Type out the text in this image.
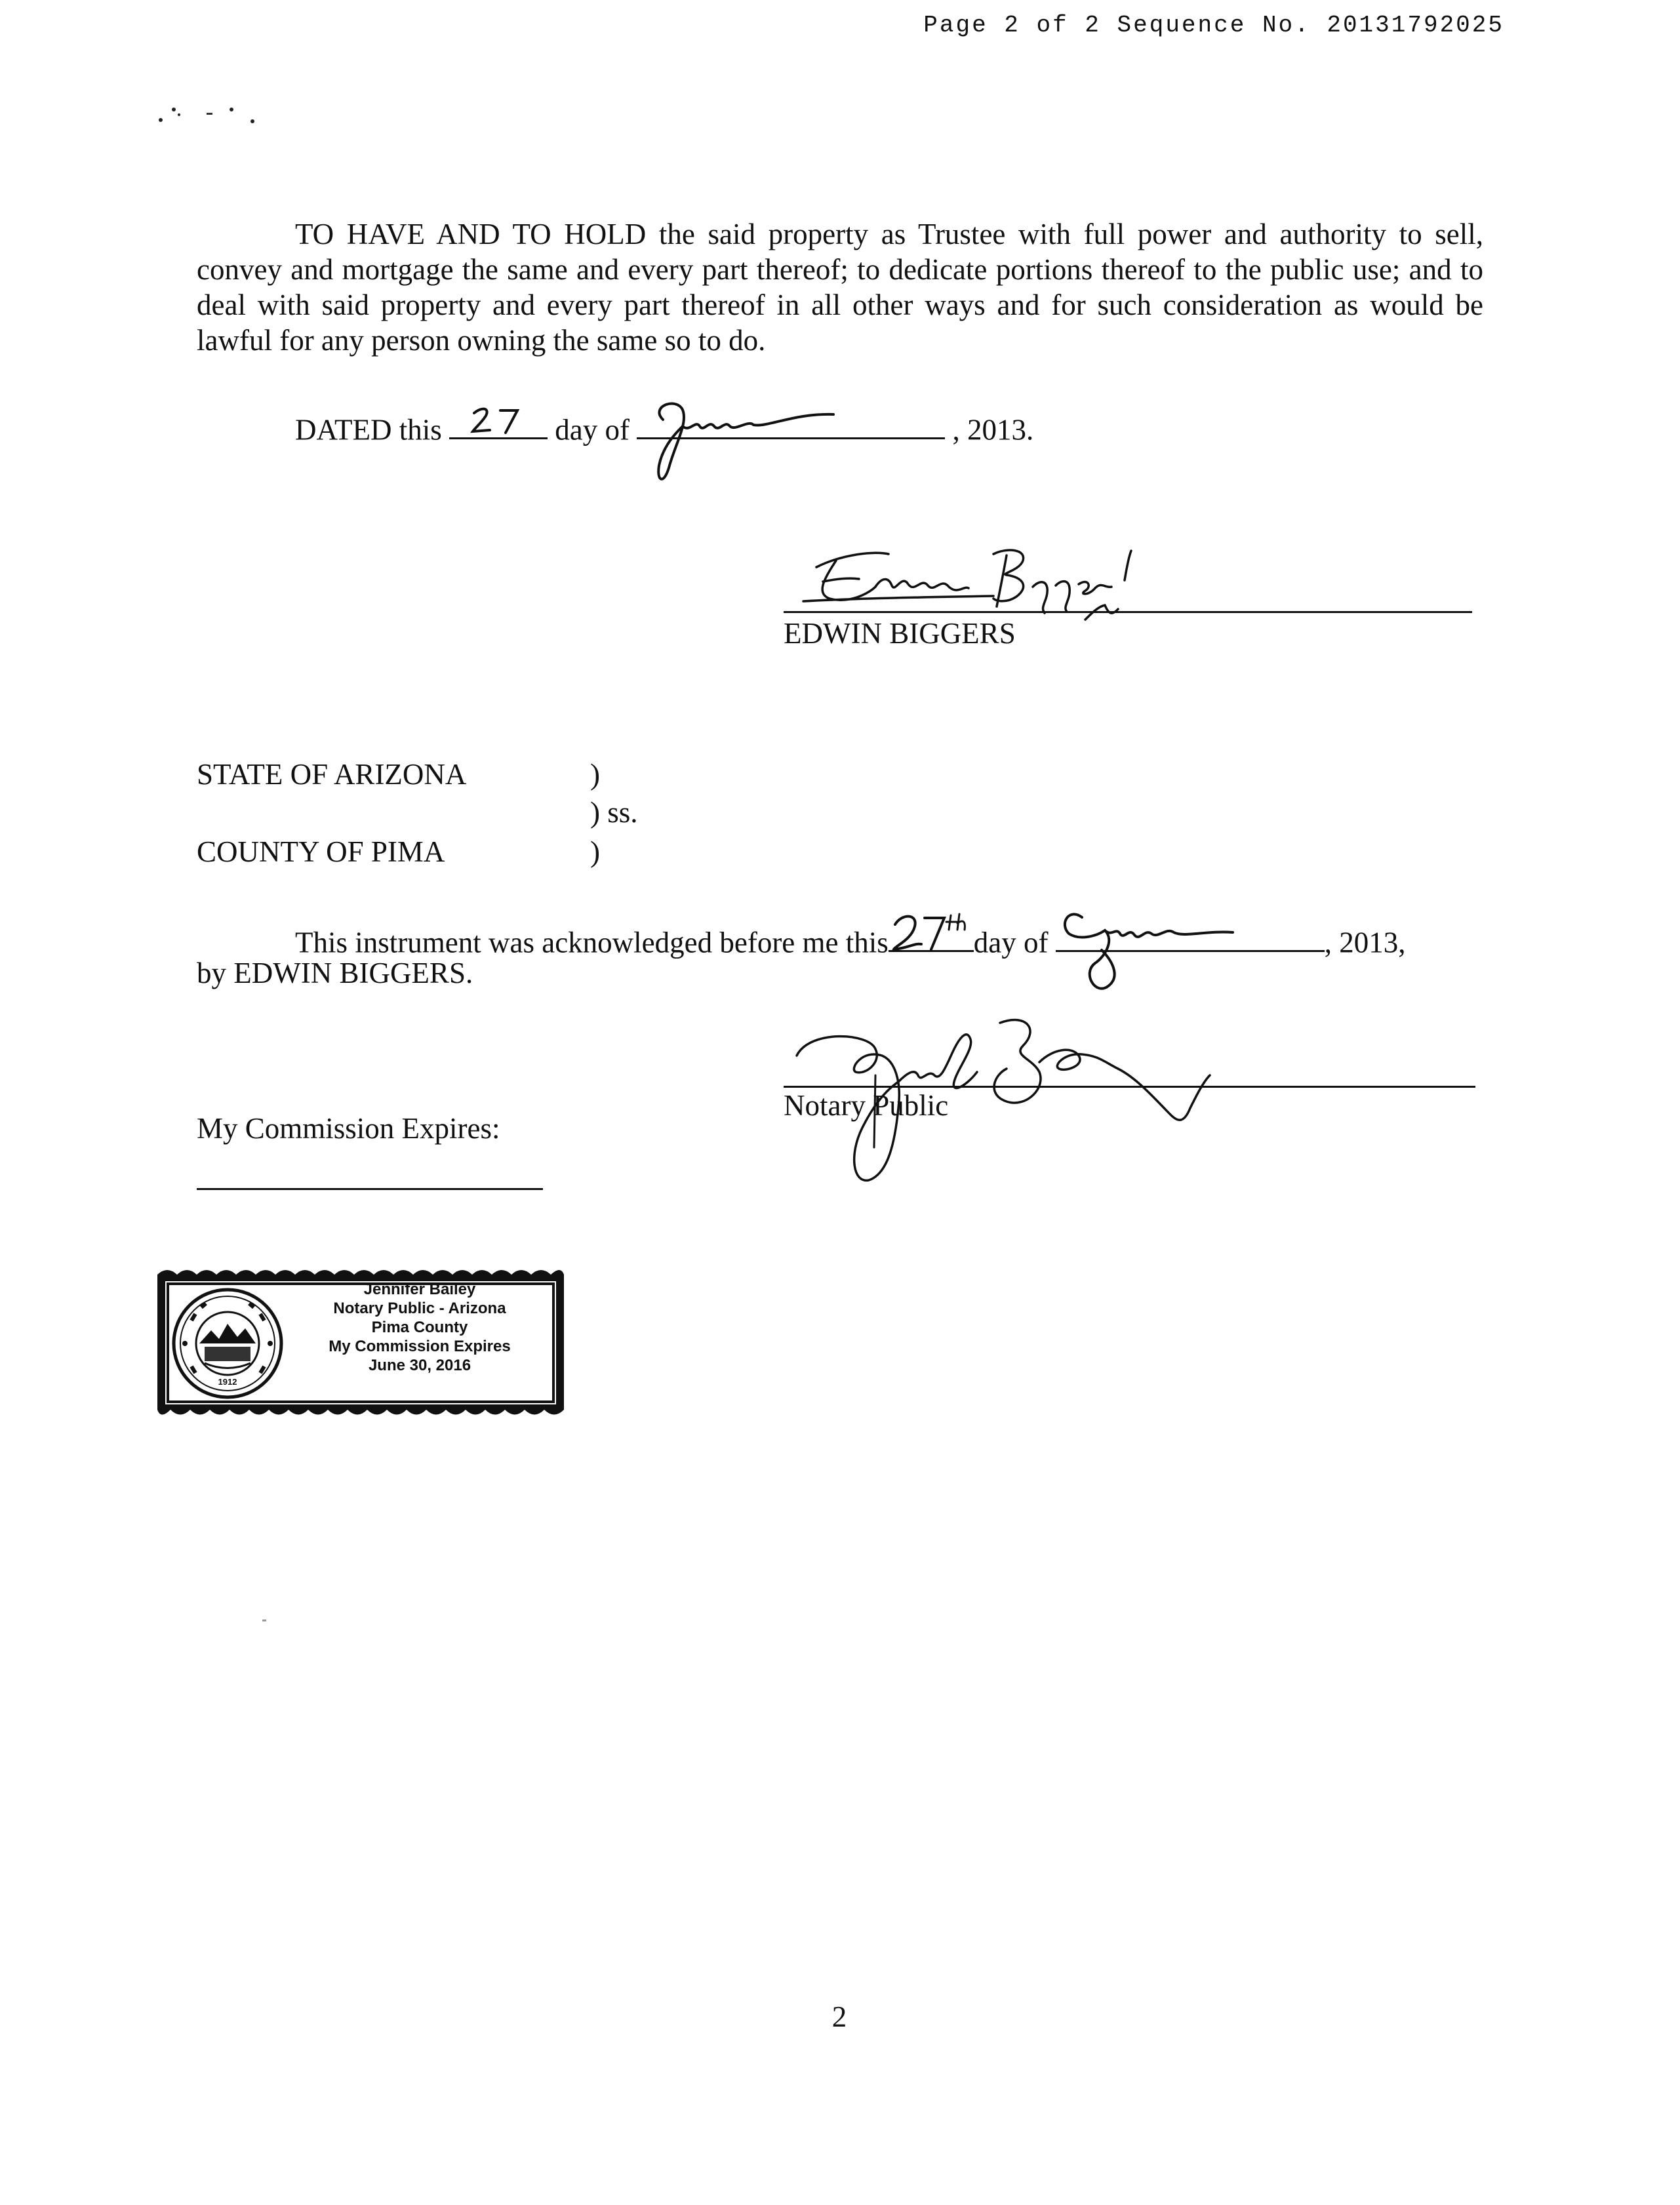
Page 2 of 2 Sequence No. 20131792025
TO HAVE AND TO HOLD the said property as Trustee with full power and authority to sell, convey and mortgage the same and every part thereof; to dedicate portions thereof to the public use; and to deal with said property and every part thereof in all other ways and for such consideration as would be lawful for any person owning the same so to do.
DATED this	day of	, 2013.
EDWIN BIGGERS
STATE OF ARIZONA	)
) ss.
COUNTY OF PIMA	)
This instrument was acknowledged before me this	day of	, 2013,
by EDWIN BIGGERS.
Notary Public
My Commission Expires:
1912
Jennifer Bailey
Notary Public - Arizona
Pima County
My Commission Expires
June 30, 2016
2
